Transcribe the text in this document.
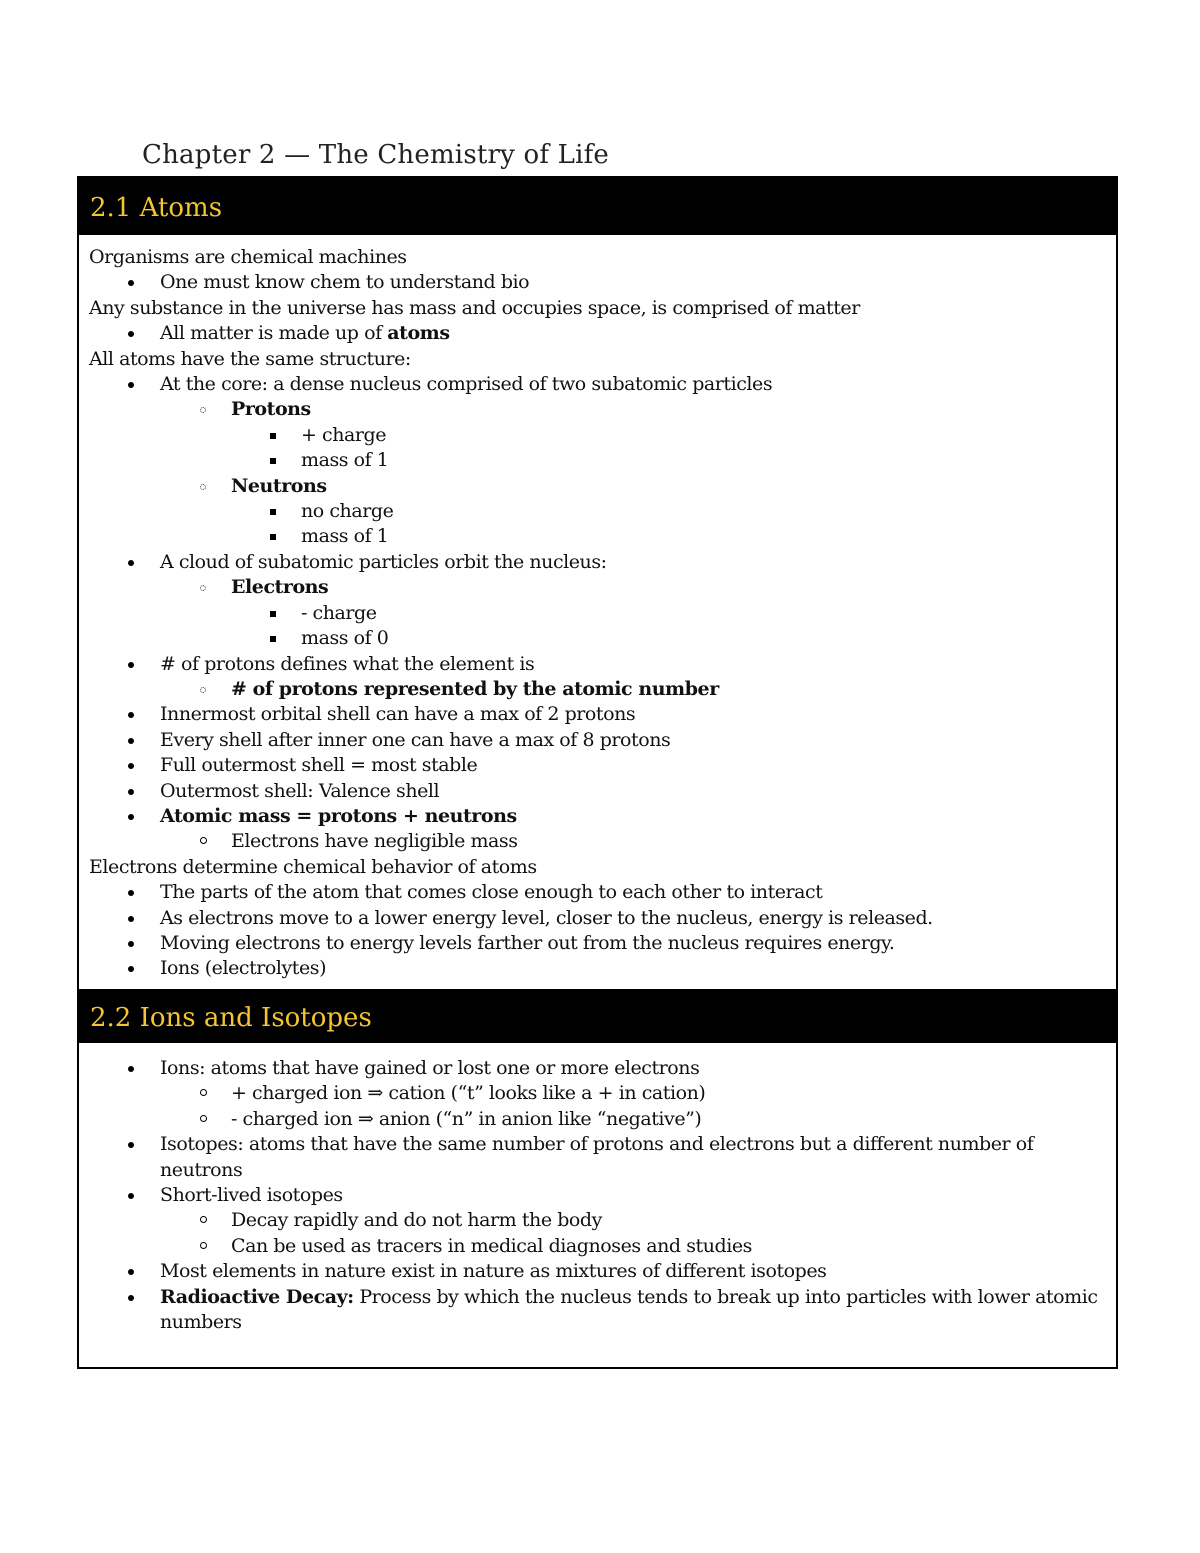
Chapter 2 — The Chemistry of Life
2.1 Atoms
Organisms are chemical machines
One must know chem to understand bio
Any substance in the universe has mass and occupies space, is comprised of matter
All matter is made up of atoms
All atoms have the same structure:
At the core: a dense nucleus comprised of two subatomic particles
Protons
+ charge
mass of 1
Neutrons
no charge
mass of 1
A cloud of subatomic particles orbit the nucleus:
Electrons
- charge
mass of 0
# of protons defines what the element is
# of protons represented by the atomic number
Innermost orbital shell can have a max of 2 protons
Every shell after inner one can have a max of 8 protons
Full outermost shell = most stable
Outermost shell: Valence shell
Atomic mass = protons + neutrons
Electrons have negligible mass
Electrons determine chemical behavior of atoms
The parts of the atom that comes close enough to each other to interact
As electrons move to a lower energy level, closer to the nucleus, energy is released.
Moving electrons to energy levels farther out from the nucleus requires energy.
Ions (electrolytes)
2.2 Ions and Isotopes
Ions: atoms that have gained or lost one or more electrons
+ charged ion ⇒ cation (“t” looks like a + in cation)
- charged ion ⇒ anion (“n” in anion like “negative”)
Isotopes: atoms that have the same number of protons and electrons but a different number of neutrons
Short-lived isotopes
Decay rapidly and do not harm the body
Can be used as tracers in medical diagnoses and studies
Most elements in nature exist in nature as mixtures of different isotopes
Radioactive Decay: Process by which the nucleus tends to break up into particles with lower atomic numbers
